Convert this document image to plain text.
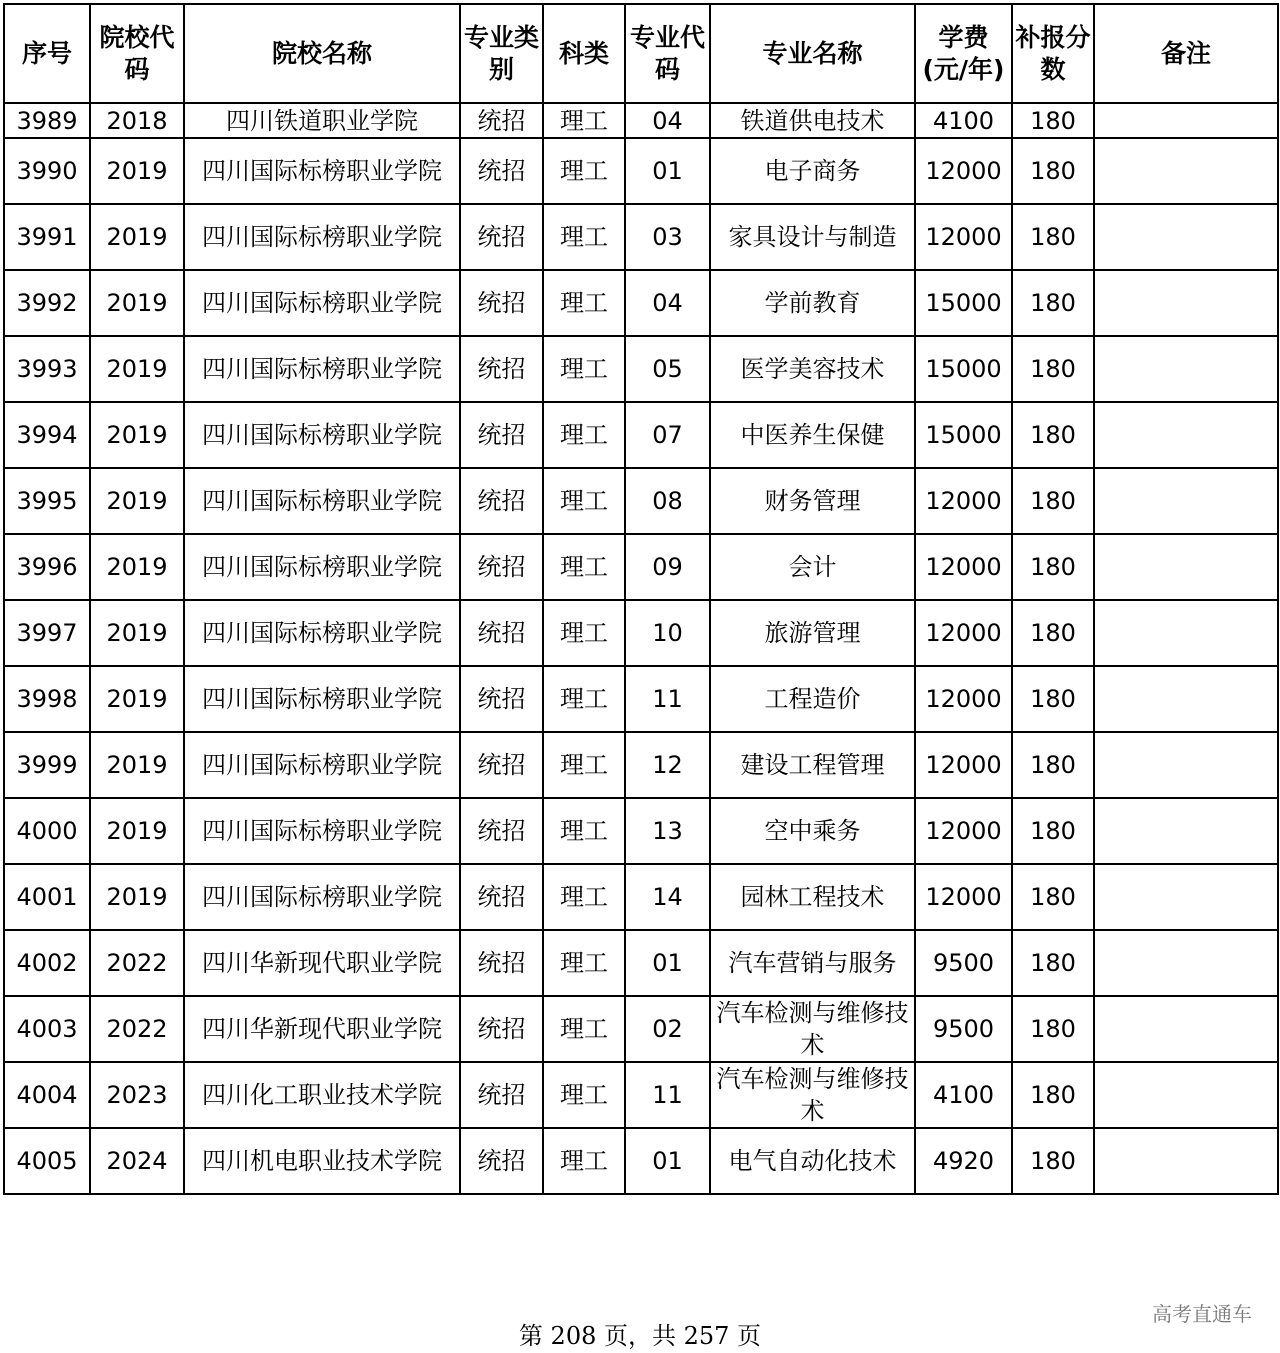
序号	院校代码	院校名称	专业类别	科类	专业代码	专业名称	学费(元/年)	补报分数	备注
3989	2018	四川铁道职业学院	统招	理工	04	铁道供电技术	4100	180	
3990	2019	四川国际标榜职业学院	统招	理工	01	电子商务	12000	180	
3991	2019	四川国际标榜职业学院	统招	理工	03	家具设计与制造	12000	180	
3992	2019	四川国际标榜职业学院	统招	理工	04	学前教育	15000	180	
3993	2019	四川国际标榜职业学院	统招	理工	05	医学美容技术	15000	180	
3994	2019	四川国际标榜职业学院	统招	理工	07	中医养生保健	15000	180	
3995	2019	四川国际标榜职业学院	统招	理工	08	财务管理	12000	180	
3996	2019	四川国际标榜职业学院	统招	理工	09	会计	12000	180	
3997	2019	四川国际标榜职业学院	统招	理工	10	旅游管理	12000	180	
3998	2019	四川国际标榜职业学院	统招	理工	11	工程造价	12000	180	
3999	2019	四川国际标榜职业学院	统招	理工	12	建设工程管理	12000	180	
4000	2019	四川国际标榜职业学院	统招	理工	13	空中乘务	12000	180	
4001	2019	四川国际标榜职业学院	统招	理工	14	园林工程技术	12000	180	
4002	2022	四川华新现代职业学院	统招	理工	01	汽车营销与服务	9500	180	
4003	2022	四川华新现代职业学院	统招	理工	02	汽车检测与维修技术	9500	180	
4004	2023	四川化工职业技术学院	统招	理工	11	汽车检测与维修技术	4100	180	
4005	2024	四川机电职业技术学院	统招	理工	01	电气自动化技术	4920	180	
第 208 页，共 257 页
高考直通车
